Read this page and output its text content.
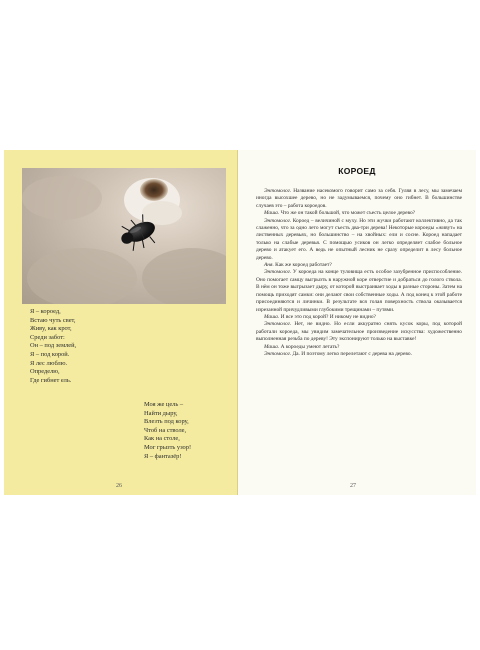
Я – короед,
Встаю чуть свет,
Живу, как крот,
Среди забот:
Он – под землей,
Я – под корой.
Я лес люблю.
Определю,
Где гибнет ель.
Моя же цель –
Найти дыру,
Влезть под кору,
Чтоб на стволе,
Как на столе,
Мог грызть узор!
Я – фантазёр!
26
КОРОЕД

Энтомолог. Название насекомого говорит само за себя. Гуляя в лесу, мы замечаем иногда высохшее дерево, но не задумываемся, почему оно гибнет. В большинстве случаев это – работа короедов.

Маша. Что же он такой большой, что может съесть целое дерево?

Энтомолог. Короед – величиной с муху. Но эти жучки работают коллективно, да так слаженно, что за одно лето могут съесть два-три дерева! Некоторые короеды «живут» на лиственных деревьях, но большинство – на хвойных: ели и сосне. Короед нападает только на слабые деревья. С помощью усиков он легко определяет слабое больное дерево и атакует его. А ведь не опытный лесник не сразу определит в лесу больное дерево.

Аня. Как же короед работает?

Энтомолог. У короеда на конце туловища есть особое зазубренное приспособление. Оно помогает самцу выгрызть в наружной коре отверстие и добраться до голого ствола. В нём он тоже выгрызает дыру, от которой выстраивает ходы в разные стороны. Затем на помощь приходят самки: они делают свои собственные ходы. А под конец к этой работе присоединяются и личинки. В результате вся голая поверхность ствола оказывается изрезанной причудливыми глубокими трещинами – путями.

Маша. И все это под корой? И никому не видно?

Энтомолог. Нет, не видно. Но если аккуратно снять кусок коры, под которой работали короеда, мы увидим замечательное произведение искусства: художественно выполненная резьба по дереву! Эту экспонируют только на выставке!

Маша. А короеды умеют летать?

Энтомолог. Да. И поэтому легко перелетают с дерева на дерево.

27
